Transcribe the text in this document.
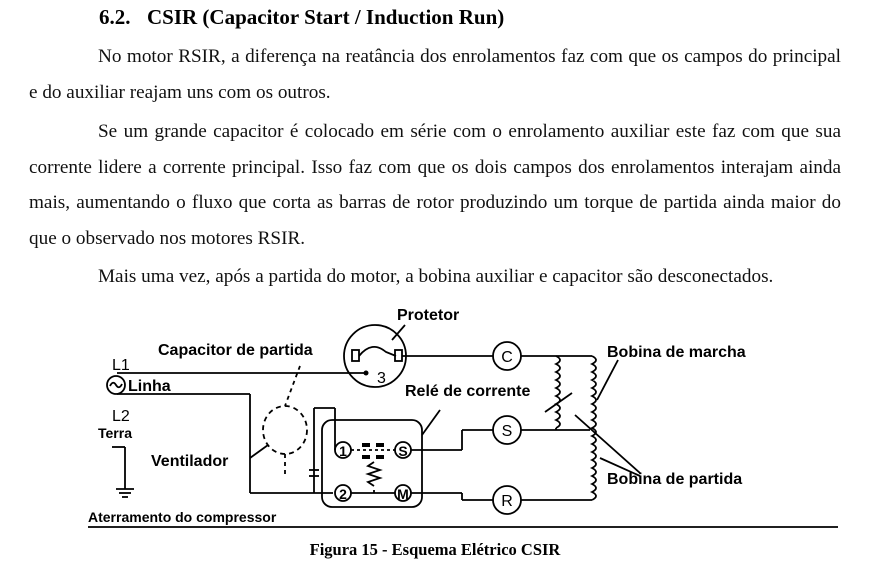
6.2. CSIR (Capacitor Start / Induction Run)

No motor RSIR, a diferença na reatância dos enrolamentos faz com que os campos do principal e do auxiliar reajam uns com os outros.

Se um grande capacitor é colocado em série com o enrolamento auxiliar este faz com que sua corrente lidere a corrente principal. Isso faz com que os dois campos dos enrolamentos interajam ainda mais, aumentando o fluxo que corta as barras de rotor produzindo um torque de partida ainda maior do que o observado nos motores RSIR.

Mais uma vez, após a partida do motor, a bobina auxiliar e capacitor são desconectados.

3
C
S
R
1	S
2	M
Protetor
Capacitor de partida	Bobina de marcha
Relé de corrente
Bobina de partida
Ventilador
Aterramento do compressor
L1
Linha
L2
Terra
Figura 15 - Esquema Elétrico CSIR
